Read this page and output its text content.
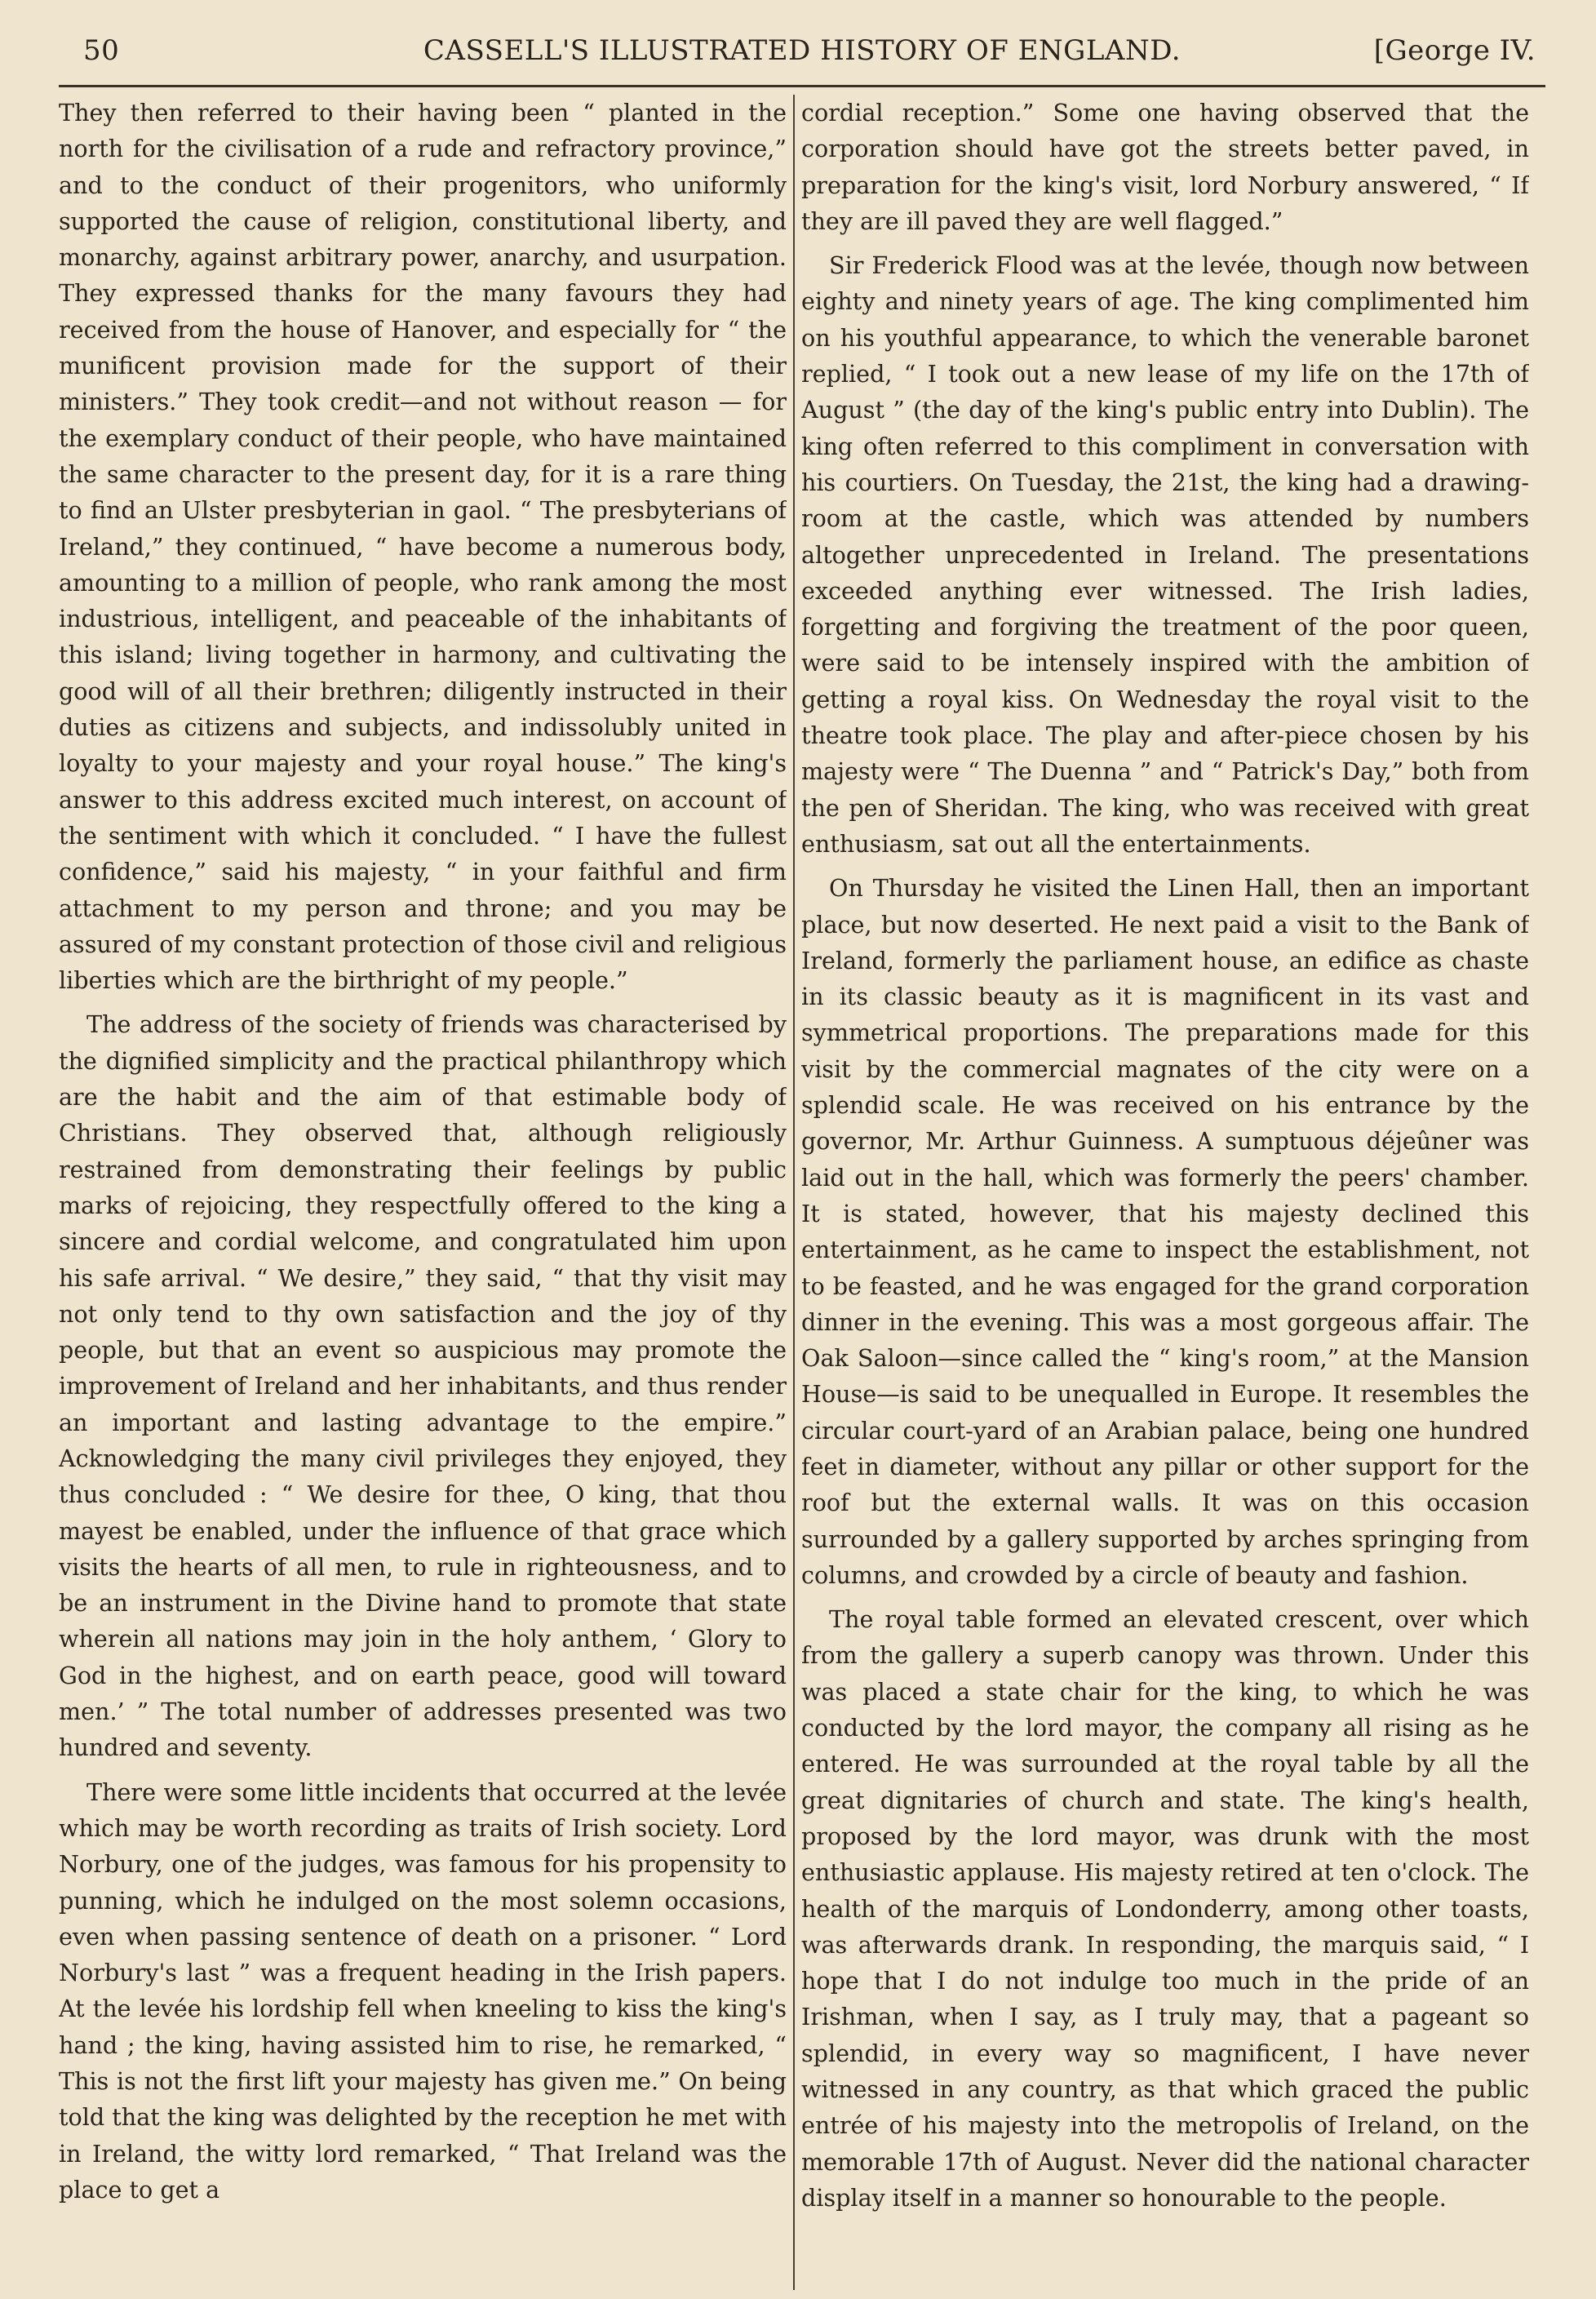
50	CASSELL'S ILLUSTRATED HISTORY OF ENGLAND.	[George IV.

They then referred to their having been “ planted in the north for the civilisation of a rude and refractory province,” and to the conduct of their progenitors, who uniformly supported the cause of religion, constitutional liberty, and monarchy, against arbitrary power, anarchy, and usurpation. They expressed thanks for the many favours they had received from the house of Hanover, and especially for “ the munificent provision made for the support of their ministers.” They took credit—and not without reason — for the exemplary conduct of their people, who have maintained the same character to the present day, for it is a rare thing to find an Ulster presbyterian in gaol. “ The presbyterians of Ireland,” they continued, “ have become a numerous body, amounting to a million of people, who rank among the most industrious, intelligent, and peaceable of the inhabitants of this island; living together in harmony, and cultivating the good will of all their brethren; diligently instructed in their duties as citizens and subjects, and indissolubly united in loyalty to your majesty and your royal house.” The king's answer to this address excited much interest, on account of the sentiment with which it concluded. “ I have the fullest confidence,” said his majesty, “ in your faithful and firm attachment to my person and throne; and you may be assured of my constant protection of those civil and religious liberties which are the birthright of my people.”

The address of the society of friends was characterised by the dignified simplicity and the practical philanthropy which are the habit and the aim of that estimable body of Christians. They observed that, although religiously restrained from demonstrating their feelings by public marks of rejoicing, they respectfully offered to the king a sincere and cordial welcome, and congratulated him upon his safe arrival. “ We desire,” they said, “ that thy visit may not only tend to thy own satisfaction and the joy of thy people, but that an event so auspicious may promote the improvement of Ireland and her inhabitants, and thus render an important and lasting advantage to the empire.” Acknowledging the many civil privileges they enjoyed, they thus concluded : “ We desire for thee, O king, that thou mayest be enabled, under the influence of that grace which visits the hearts of all men, to rule in righteousness, and to be an instrument in the Divine hand to promote that state wherein all nations may join in the holy anthem, ‘ Glory to God in the highest, and on earth peace, good will toward men.’ ” The total number of addresses presented was two hundred and seventy.

There were some little incidents that occurred at the levée which may be worth recording as traits of Irish society. Lord Norbury, one of the judges, was famous for his propensity to punning, which he indulged on the most solemn occasions, even when passing sentence of death on a prisoner. “ Lord Norbury's last ” was a frequent heading in the Irish papers. At the levée his lordship fell when kneeling to kiss the king's hand ; the king, having assisted him to rise, he remarked, “ This is not the first lift your majesty has given me.” On being told that the king was delighted by the reception he met with in Ireland, the witty lord remarked, “ That Ireland was the place to get a

cordial reception.” Some one having observed that the corporation should have got the streets better paved, in preparation for the king's visit, lord Norbury answered, “ If they are ill paved they are well flagged.”

Sir Frederick Flood was at the levée, though now between eighty and ninety years of age. The king complimented him on his youthful appearance, to which the venerable baronet replied, “ I took out a new lease of my life on the 17th of August ” (the day of the king's public entry into Dublin). The king often referred to this compliment in conversation with his courtiers. On Tuesday, the 21st, the king had a drawing-room at the castle, which was attended by numbers altogether unprecedented in Ireland. The presentations exceeded anything ever witnessed. The Irish ladies, forgetting and forgiving the treatment of the poor queen, were said to be intensely inspired with the ambition of getting a royal kiss. On Wednesday the royal visit to the theatre took place. The play and after-piece chosen by his majesty were “ The Duenna ” and “ Patrick's Day,” both from the pen of Sheridan. The king, who was received with great enthusiasm, sat out all the entertainments.

On Thursday he visited the Linen Hall, then an important place, but now deserted. He next paid a visit to the Bank of Ireland, formerly the parliament house, an edifice as chaste in its classic beauty as it is magnificent in its vast and symmetrical proportions. The preparations made for this visit by the commercial magnates of the city were on a splendid scale. He was received on his entrance by the governor, Mr. Arthur Guinness. A sumptuous déjeûner was laid out in the hall, which was formerly the peers' chamber. It is stated, however, that his majesty declined this entertainment, as he came to inspect the establishment, not to be feasted, and he was engaged for the grand corporation dinner in the evening. This was a most gorgeous affair. The Oak Saloon—since called the “ king's room,” at the Mansion House—is said to be unequalled in Europe. It resembles the circular court-yard of an Arabian palace, being one hundred feet in diameter, without any pillar or other support for the roof but the external walls. It was on this occasion surrounded by a gallery supported by arches springing from columns, and crowded by a circle of beauty and fashion.

The royal table formed an elevated crescent, over which from the gallery a superb canopy was thrown. Under this was placed a state chair for the king, to which he was conducted by the lord mayor, the company all rising as he entered. He was surrounded at the royal table by all the great dignitaries of church and state. The king's health, proposed by the lord mayor, was drunk with the most enthusiastic applause. His majesty retired at ten o'clock. The health of the marquis of Londonderry, among other toasts, was afterwards drank. In responding, the marquis said, “ I hope that I do not indulge too much in the pride of an Irishman, when I say, as I truly may, that a pageant so splendid, in every way so magnificent, I have never witnessed in any country, as that which graced the public entrée of his majesty into the metropolis of Ireland, on the memorable 17th of August. Never did the national character display itself in a manner so honourable to the people.
